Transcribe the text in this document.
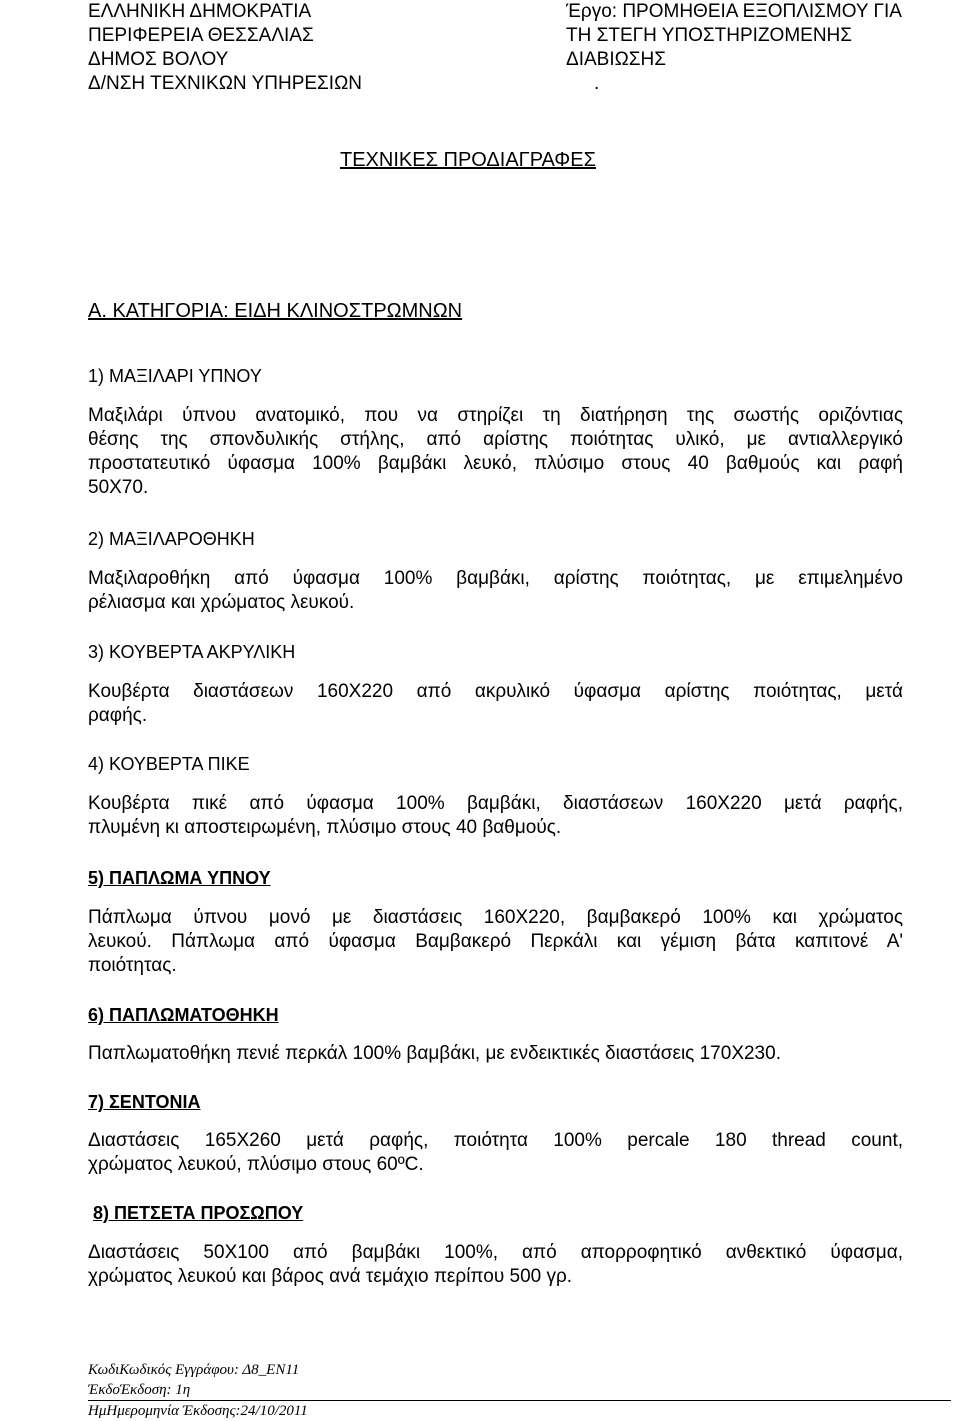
ΕΛΛΗΝΙΚΗ ΔΗΜΟΚΡΑΤΙΑ
ΠΕΡΙΦΕΡΕΙΑ ΘΕΣΣΑΛΙΑΣ
ΔΗΜΟΣ ΒΟΛΟΥ
Δ/ΝΣΗ ΤΕΧΝΙΚΩΝ ΥΠΗΡΕΣΙΩΝ
Έργο: ΠΡΟΜΗΘΕΙΑ ΕΞΟΠΛΙΣΜΟΥ ΓΙΑ
ΤΗ ΣΤΕΓΗ ΥΠΟΣΤΗΡΙΖΟΜΕΝΗΣ
ΔΙΑΒΙΩΣΗΣ
.
ΤΕΧΝΙΚΕΣ ΠΡΟΔΙΑΓΡΑΦΕΣ
Α. ΚΑΤΗΓΟΡΙΑ: ΕΙΔΗ ΚΛΙΝΟΣΤΡΩΜΝΩΝ
1) ΜΑΞΙΛΑΡΙ ΥΠΝΟΥ
Μαξιλάρι ύπνου ανατομικό, που να στηρίζει τη διατήρηση της σωστής οριζόντιας
θέσης της σπονδυλικής στήλης, από αρίστης ποιότητας υλικό, με αντιαλλεργικό
προστατευτικό ύφασμα 100% βαμβάκι λευκό, πλύσιμο στους 40 βαθμούς και ραφή
50Χ70.
2) ΜΑΞΙΛΑΡΟΘΗΚΗ
Μαξιλαροθήκη από ύφασμα 100% βαμβάκι, αρίστης ποιότητας, με επιμελημένο
ρέλιασμα και χρώματος λευκού.
3) ΚΟΥΒΕΡΤΑ ΑΚΡΥΛΙΚΗ
Κουβέρτα διαστάσεων 160Χ220 από ακρυλικό ύφασμα αρίστης ποιότητας, μετά
ραφής.
4) ΚΟΥΒΕΡΤΑ ΠΙΚΕ
Κουβέρτα πικέ από ύφασμα 100% βαμβάκι, διαστάσεων 160Χ220 μετά ραφής,
πλυμένη κι αποστειρωμένη, πλύσιμο στους 40 βαθμούς.
5) ΠΑΠΛΩΜΑ ΥΠΝΟΥ
Πάπλωμα ύπνου μονό με διαστάσεις 160Χ220, βαμβακερό 100% και χρώματος
λευκού. Πάπλωμα από ύφασμα Βαμβακερό Περκάλι και γέμιση βάτα καπιτονέ Α'
ποιότητας.
6) ΠΑΠΛΩΜΑΤΟΘΗΚΗ
Παπλωματοθήκη πενιέ περκάλ 100% βαμβάκι, με ενδεικτικές διαστάσεις 170Χ230.
7) ΣΕΝΤΟΝΙΑ
Διαστάσεις 165Χ260 μετά ραφής, ποιότητα 100% percale 180 thread count,
χρώματος λευκού, πλύσιμο στους 60ºC.
8) ΠΕΤΣΕΤΑ ΠΡΟΣΩΠΟΥ
Διαστάσεις 50Χ100 από βαμβάκι 100%, από απορροφητικό ανθεκτικό ύφασμα,
χρώματος λευκού και βάρος ανά τεμάχιο περίπου 500 γρ.
ΚωδιΚωδικός Εγγράφου: Δ8_ΕΝ11
ΈκδοΈκδοση: 1η
ΗμΗμερομηνία Έκδοσης:24/10/2011
